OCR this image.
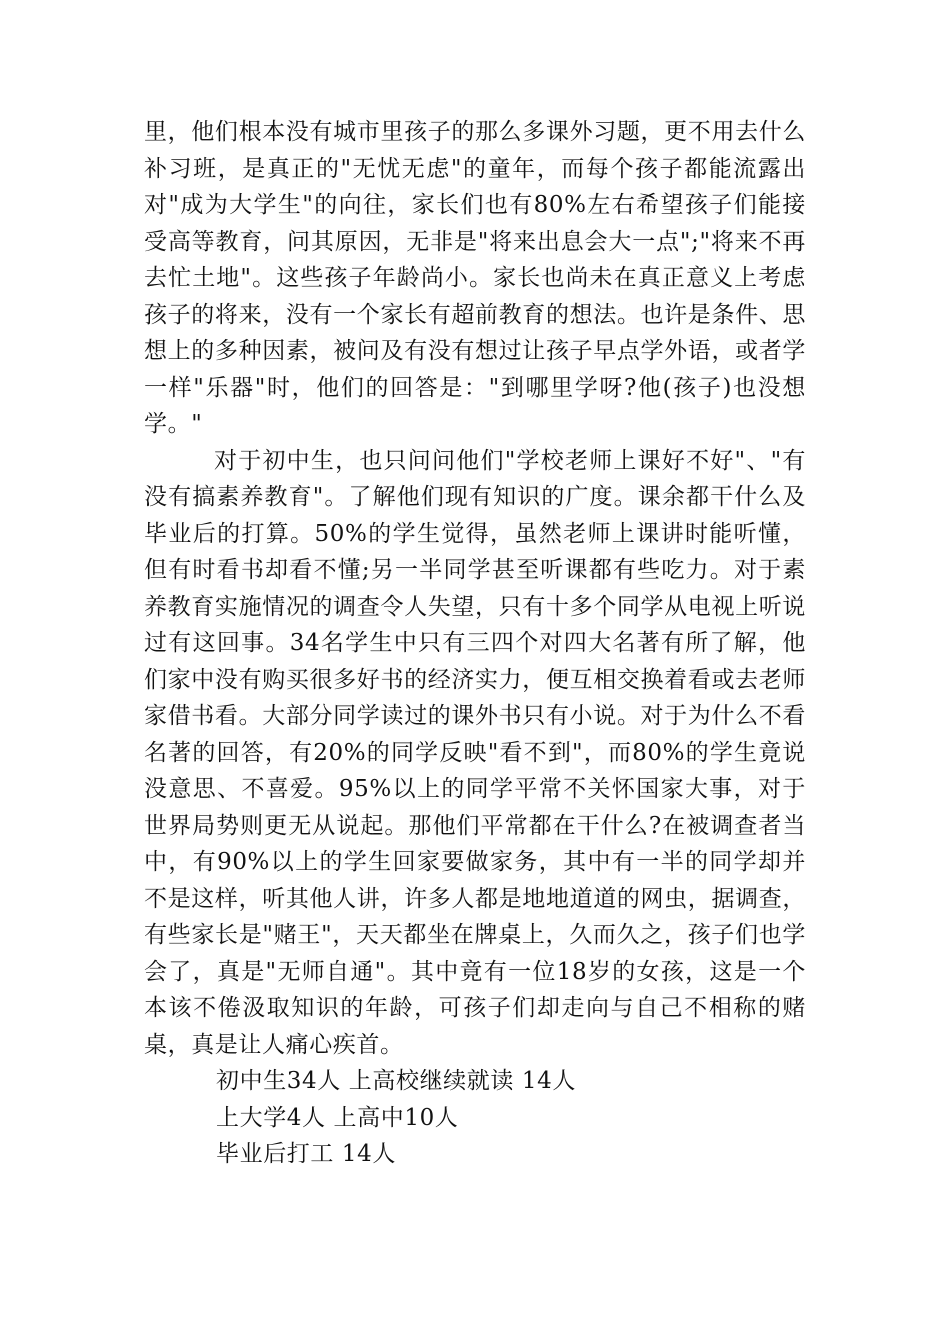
里，他们根本没有城市里孩子的那么多课外习题，更不用去什么补习班，是真正的"无忧无虑"的童年，而每个孩子都能流露出对"成为大学生"的向往，家长们也有80%左右希望孩子们能接受高等教育，问其原因，无非是"将来出息会大一点";"将来不再去忙土地"。这些孩子年龄尚小。家长也尚未在真正意义上考虑孩子的将来，没有一个家长有超前教育的想法。也许是条件、思想上的多种因素，被问及有没有想过让孩子早点学外语，或者学一样"乐器"时，他们的回答是："到哪里学呀?他(孩子)也没想学。"

对于初中生，也只问问他们"学校老师上课好不好"、"有没有搞素养教育"。了解他们现有知识的广度。课余都干什么及毕业后的打算。50%的学生觉得，虽然老师上课讲时能听懂，但有时看书却看不懂;另一半同学甚至听课都有些吃力。对于素养教育实施情况的调查令人失望，只有十多个同学从电视上听说过有这回事。34名学生中只有三四个对四大名著有所了解，他们家中没有购买很多好书的经济实力，便互相交换着看或去老师家借书看。大部分同学读过的课外书只有小说。对于为什么不看名著的回答，有20%的同学反映"看不到"，而80%的学生竟说没意思、不喜爱。95%以上的同学平常不关怀国家大事，对于世界局势则更无从说起。那他们平常都在干什么?在被调查者当中，有90%以上的学生回家要做家务，其中有一半的同学却并不是这样，听其他人讲，许多人都是地地道道的网虫，据调查，有些家长是"赌王"，天天都坐在牌桌上，久而久之，孩子们也学会了，真是"无师自通"。其中竟有一位18岁的女孩，这是一个本该不倦汲取知识的年龄，可孩子们却走向与自己不相称的赌桌，真是让人痛心疾首。

初中生34人 上高校继续就读 14人
上大学4人 上高中10人
毕业后打工 14人
